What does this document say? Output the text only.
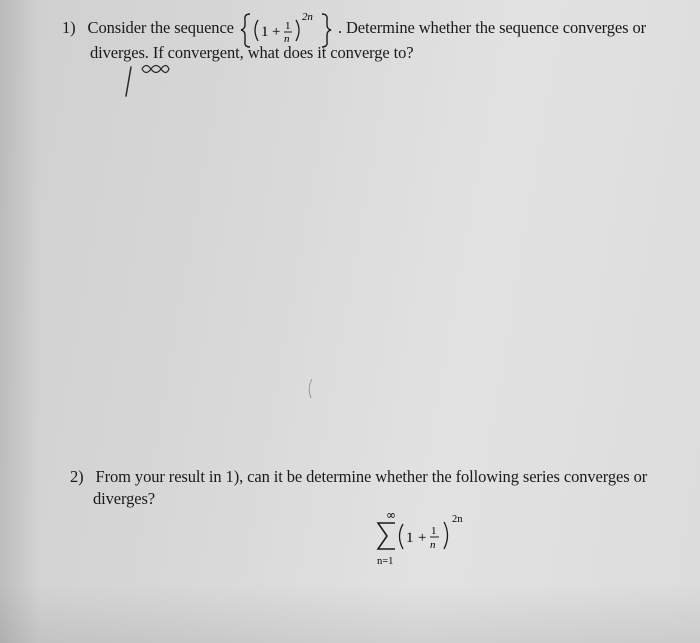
1) Consider the sequence 1 + 1
n
2n
. Determine whether the sequence converges or
diverges. If convergent, what does it converge to?
2) From your result in 1), can it be determine whether the following series converges or
diverges?
∞
n=1
1 + 1
n
2n
